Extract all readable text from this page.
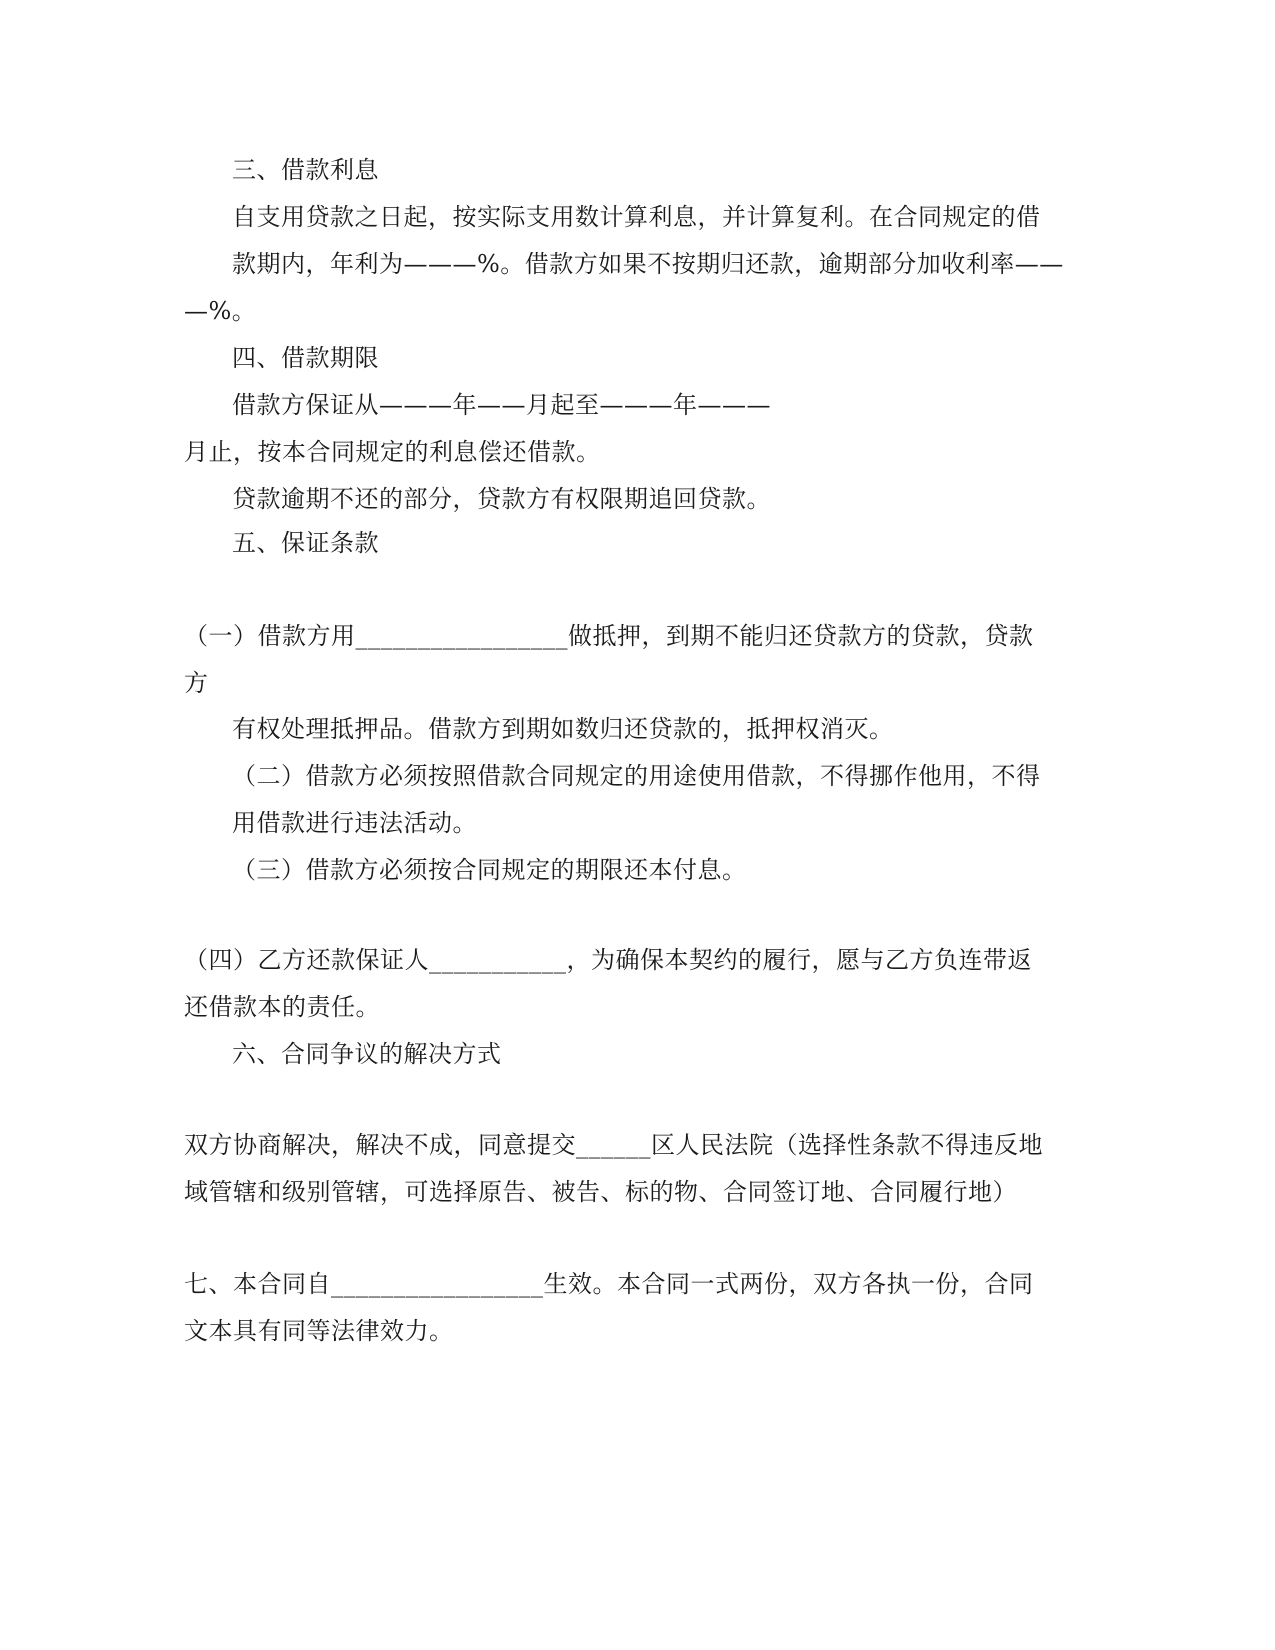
三、借款利息
自支用贷款之日起，按实际支用数计算利息，并计算复利。在合同规定的借
款期内，年利为———%。借款方如果不按期归还款，逾期部分加收利率——
—%。
四、借款期限
借款方保证从———年——月起至———年———
月止，按本合同规定的利息偿还借款。
贷款逾期不还的部分，贷款方有权限期追回贷款。
五、保证条款
（一）借款方用_________________做抵押，到期不能归还贷款方的贷款，贷款
方
有权处理抵押品。借款方到期如数归还贷款的，抵押权消灭。
（二）借款方必须按照借款合同规定的用途使用借款，不得挪作他用，不得
用借款进行违法活动。
（三）借款方必须按合同规定的期限还本付息。
（四）乙方还款保证人___________，为确保本契约的履行，愿与乙方负连带返
还借款本的责任。
六、合同争议的解决方式
双方协商解决，解决不成，同意提交______区人民法院（选择性条款不得违反地
域管辖和级别管辖，可选择原告、被告、标的物、合同签订地、合同履行地）
七、本合同自_________________生效。本合同一式两份，双方各执一份，合同
文本具有同等法律效力。
